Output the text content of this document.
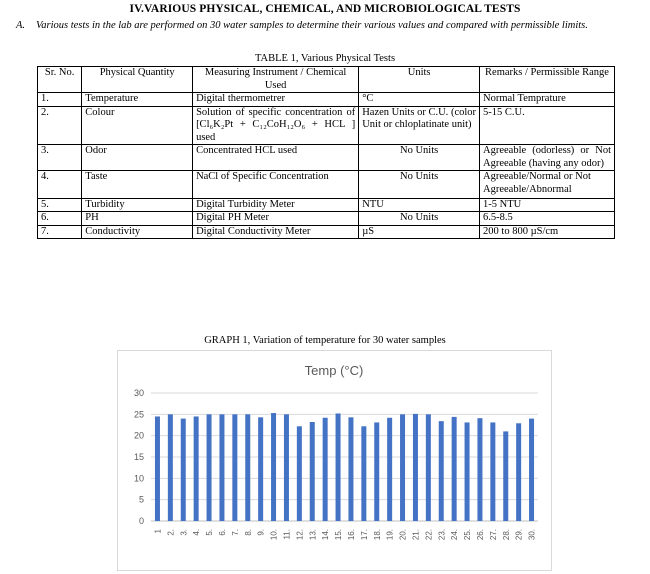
IV.VARIOUS PHYSICAL, CHEMICAL, AND MICROBIOLOGICAL TESTS
A. Various tests in the lab are performed on 30 water samples to determine their various values and compared with permissible limits.
TABLE 1, Various Physical Tests
Sr. No.	Physical Quantity	Measuring Instrument / Chemical Used	Units	Remarks / Permissible Range
1.	Temperature	Digital thermometrer	°C	Normal Temprature
2.	Colour	Solution of specific concentration of [Cl₆K₂Pt + C₁₂CoH₁₂O₆ + HCL ] used	Hazen Units or C.U. (color Unit or chloplatinate unit)	5-15 C.U.
3.	Odor	Concentrated HCL used	No Units	Agreeable (odorless) or Not Agreeable (having any odor)
4.	Taste	NaCl of Specific Concentration	No Units	Agreeable/Normal or Not Agreeable/Abnormal
5.	Turbidity	Digital Turbidity Meter	NTU	1-5 NTU
6.	PH	Digital PH Meter	No Units	6.5-8.5
7.	Conductivity	Digital Conductivity Meter	µS	200 to 800 µS/cm
GRAPH 1, Variation of temperature for 30 water samples
Temp (°C)
0
5
10
15
20
25
30
1 2. 3. 4. 5. 6. 7. 8. 9. 10. 11. 12. 13. 14. 15. 16. 17. 18. 19. 20. 21. 22. 23. 24. 25. 26. 27. 28. 29. 30.
